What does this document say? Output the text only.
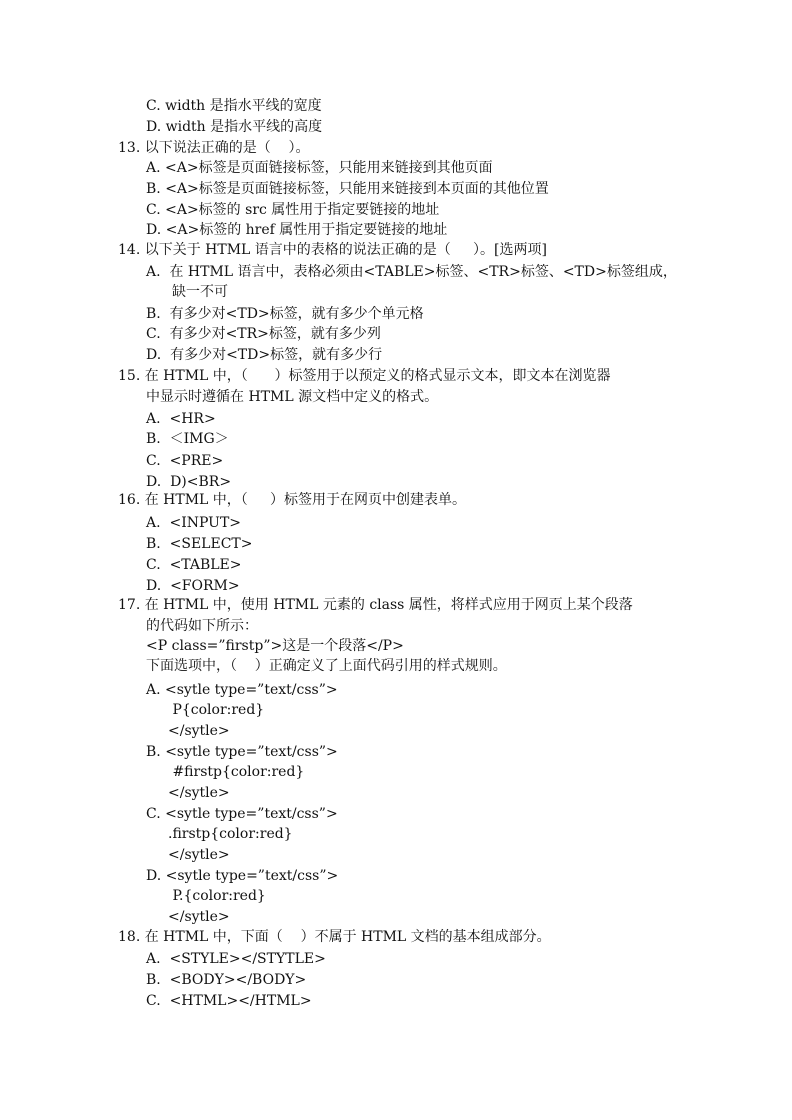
C. width 是指水平线的宽度
D. width 是指水平线的高度
13. 以下说法正确的是（    ）。
A. <A>标签是页面链接标签，只能用来链接到其他页面
B. <A>标签是页面链接标签，只能用来链接到本页面的其他位置
C. <A>标签的 src 属性用于指定要链接的地址
D. <A>标签的 href 属性用于指定要链接的地址
14. 以下关于 HTML 语言中的表格的说法正确的是（     ）。[选两项]
A.  在 HTML 语言中，表格必须由<TABLE>标签、<TR>标签、<TD>标签组成，
缺一不可
B.  有多少对<TD>标签，就有多少个单元格
C.  有多少对<TR>标签，就有多少列
D.  有多少对<TD>标签，就有多少行
15. 在 HTML 中，（      ）标签用于以预定义的格式显示文本，即文本在浏览器
中显示时遵循在 HTML 源文档中定义的格式。
A.  <HR>
B.  ＜IMG＞
C.  <PRE>
D.  D)<BR>
16. 在 HTML 中，（     ）标签用于在网页中创建表单。
A.  <INPUT>
B.  <SELECT>
C.  <TABLE>
D.  <FORM>
17. 在 HTML 中，使用 HTML 元素的 class 属性，将样式应用于网页上某个段落
的代码如下所示：
<P class=”firstp”>这是一个段落</P>
下面选项中，（    ）正确定义了上面代码引用的样式规则。
A. <sytle type=”text/css”>
P{color:red}
</sytle>
B. <sytle type=”text/css”>
#firstp{color:red}
</sytle>
C. <sytle type=”text/css”>
.firstp{color:red}
</sytle>
D. <sytle type=”text/css”>
P.{color:red}
</sytle>
18. 在 HTML 中，下面（    ）不属于 HTML 文档的基本组成部分。
A.  <STYLE></STYTLE>
B.  <BODY></BODY>
C.  <HTML></HTML>
